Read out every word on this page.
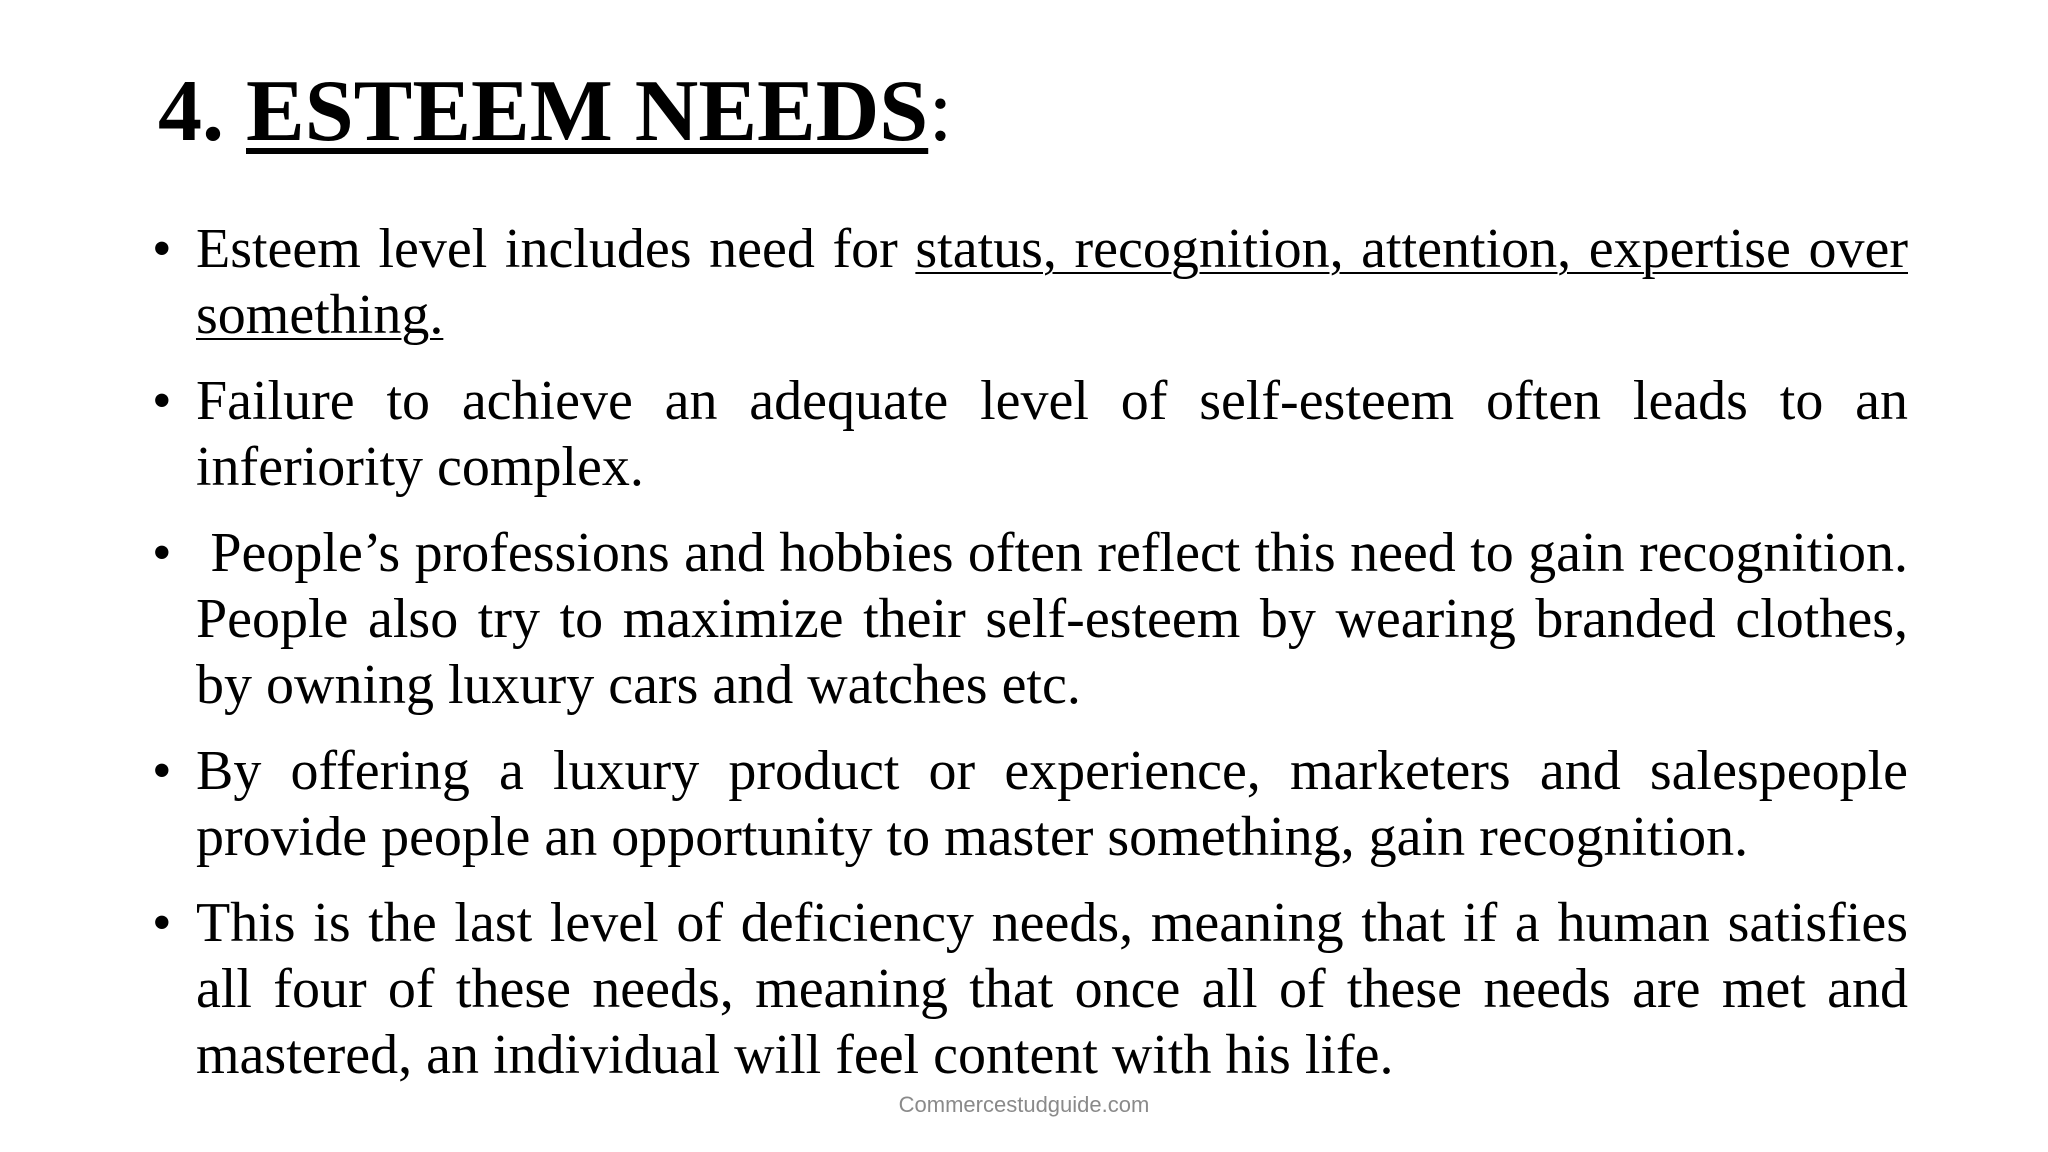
4. ESTEEM NEEDS:
• Esteem level includes need for status, recognition, attention, expertise over something.
• Failure to achieve an adequate level of self-esteem often leads to an inferiority complex.
• People’s professions and hobbies often reflect this need to gain recognition. People also try to maximize their self-esteem by wearing branded clothes, by owning luxury cars and watches etc.
• By offering a luxury product or experience, marketers and salespeople provide people an opportunity to master something, gain recognition.
• This is the last level of deficiency needs, meaning that if a human satisfies all four of these needs, meaning that once all of these needs are met and mastered, an individual will feel content with his life.
Commercestudguide.com
